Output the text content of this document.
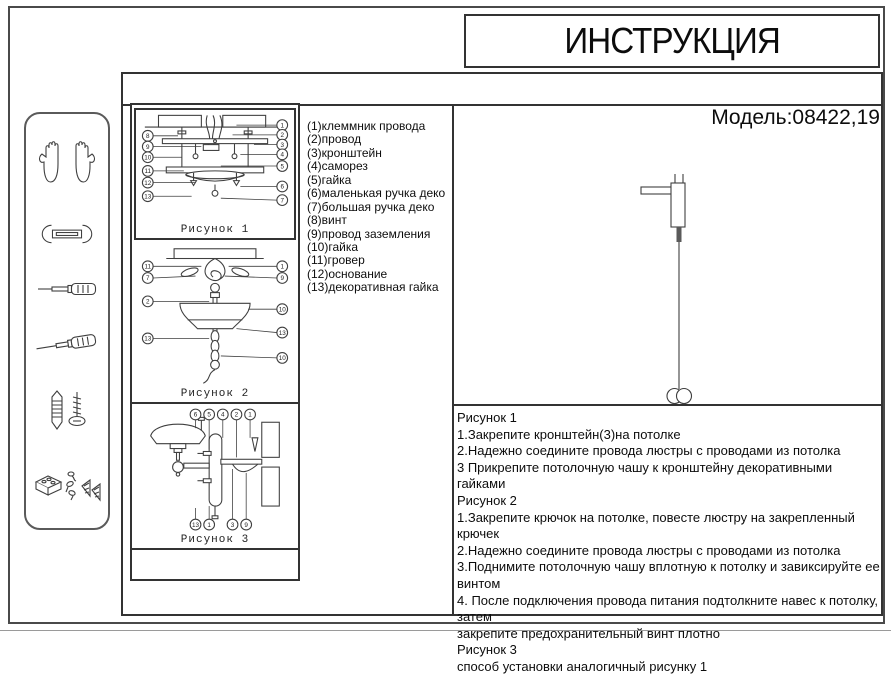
ИНСТРУКЦИЯ
8
9
10
11
12
13
1
2
3
4
5
6
7
Рисунок 1
11
7
2
13
1
9
10
13
10
Рисунок 2
6 5 4 2 1
13 1	3 9
Рисунок 3
(1)клеммник провода
(2)провод
(3)кронштейн
(4)саморез
(5)гайка
(6)маленькая ручка деко
(7)большая ручка деко
(8)винт
(9)провод заземления
(10)гайка
(11)гровер
(12)основание
(13)декоративная гайка
Модель:08422,19
Рисунок 1
1.Закрепите кронштейн(3)на потолке
2.Надежно соедините провода люстры с проводами из потолка
3 Прикрепите потолочную чашу к кронштейну декоративными гайками
Рисунок 2
1.Закрепите крючок на потолке, повесте люстру на закрепленный крючек
2.Надежно соедините провода люстры с проводами из потолка
3.Поднимите потолочную чашу вплотную к потолку и завиксируйте ее винтом
4. После подключения провода питания подтолкните навес к потолку, затем
закрепите предохранительный винт плотно
Рисунок 3
способ установки аналогичный рисунку 1
